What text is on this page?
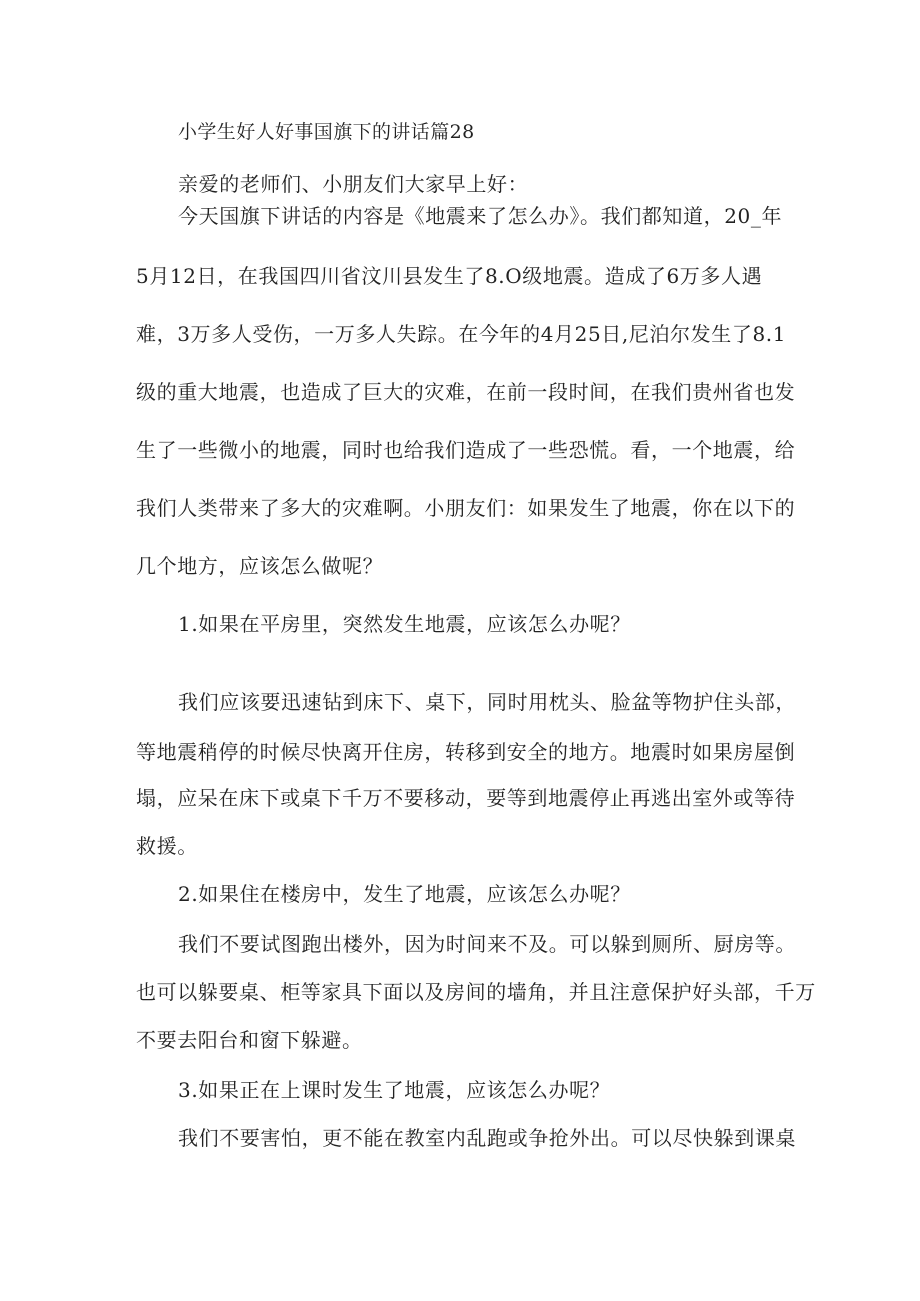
小学生好人好事国旗下的讲话篇28
亲爱的老师们、小朋友们大家早上好：
今天国旗下讲话的内容是《地震来了怎么办》。我们都知道，20_年
5月12日，在我国四川省汶川县发生了8.O级地震。造成了6万多人遇
难，3万多人受伤，一万多人失踪。在今年的4月25日,尼泊尔发生了8.1
级的重大地震，也造成了巨大的灾难，在前一段时间，在我们贵州省也发
生了一些微小的地震，同时也给我们造成了一些恐慌。看，一个地震，给
我们人类带来了多大的灾难啊。小朋友们：如果发生了地震，你在以下的
几个地方，应该怎么做呢？
1.如果在平房里，突然发生地震，应该怎么办呢？
我们应该要迅速钻到床下、桌下，同时用枕头、脸盆等物护住头部，
等地震稍停的时候尽快离开住房，转移到安全的地方。地震时如果房屋倒
塌，应呆在床下或桌下千万不要移动，要等到地震停止再逃出室外或等待
救援。
2.如果住在楼房中，发生了地震，应该怎么办呢？
我们不要试图跑出楼外，因为时间来不及。可以躲到厕所、厨房等。
也可以躲要桌、柜等家具下面以及房间的墙角，并且注意保护好头部，千万
不要去阳台和窗下躲避。
3.如果正在上课时发生了地震，应该怎么办呢？
我们不要害怕，更不能在教室内乱跑或争抢外出。可以尽快躲到课桌
